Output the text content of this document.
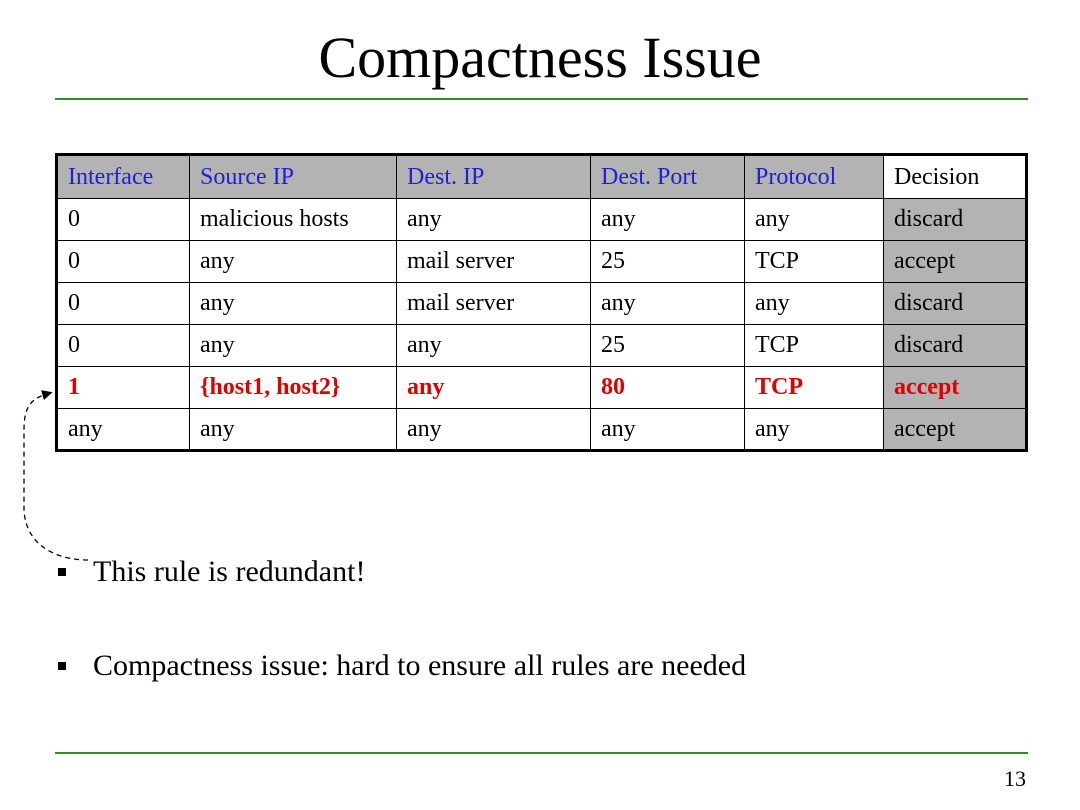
Compactness Issue
Interface	Source IP	Dest. IP	Dest. Port	Protocol	Decision
0	malicious hosts	any	any	any	discard
0	any	mail server	25	TCP	accept
0	any	mail server	any	any	discard
0	any	any	25	TCP	discard
1	{host1, host2}	any	80	TCP	accept
any	any	any	any	any	accept
This rule is redundant!
Compactness issue: hard to ensure all rules are needed
13
